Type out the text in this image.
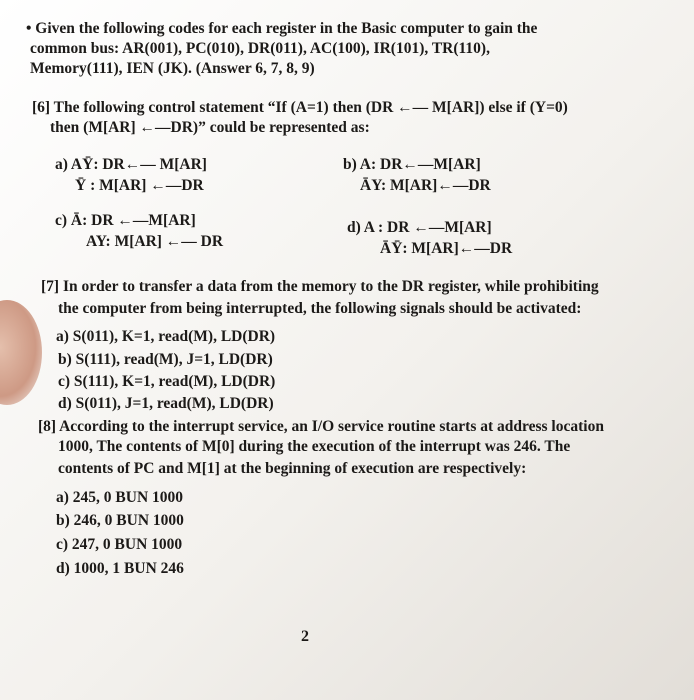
• Given the following codes for each register in the Basic computer to gain the
common bus: AR(001), PC(010), DR(011), AC(100), IR(101), TR(110),
Memory(111), IEN (JK). (Answer 6, 7, 8, 9)
[6] The following control statement “If (A=1) then (DR ←— M[AR]) else if (Y=0)
then (M[AR] ←—DR)” could be represented as:
a) AȲ: DR←— M[AR]
Ȳ : M[AR] ←—DR
b) A: DR←—M[AR]
ĀY: M[AR]←—DR
c) Ā: DR ←—M[AR]
AY: M[AR] ←— DR
d) A : DR ←—M[AR]
ĀȲ: M[AR]←—DR
[7] In order to transfer a data from the memory to the DR register, while prohibiting
the computer from being interrupted, the following signals should be activated:
a) S(011), K=1, read(M), LD(DR)
b) S(111), read(M), J=1, LD(DR)
c) S(111), K=1, read(M), LD(DR)
d) S(011), J=1, read(M), LD(DR)
[8] According to the interrupt service, an I/O service routine starts at address location
1000, The contents of M[0] during the execution of the interrupt was 246. The
contents of PC and M[1] at the beginning of execution are respectively:
a) 245, 0 BUN 1000
b) 246, 0 BUN 1000
c) 247, 0 BUN 1000
d) 1000, 1 BUN 246
2
